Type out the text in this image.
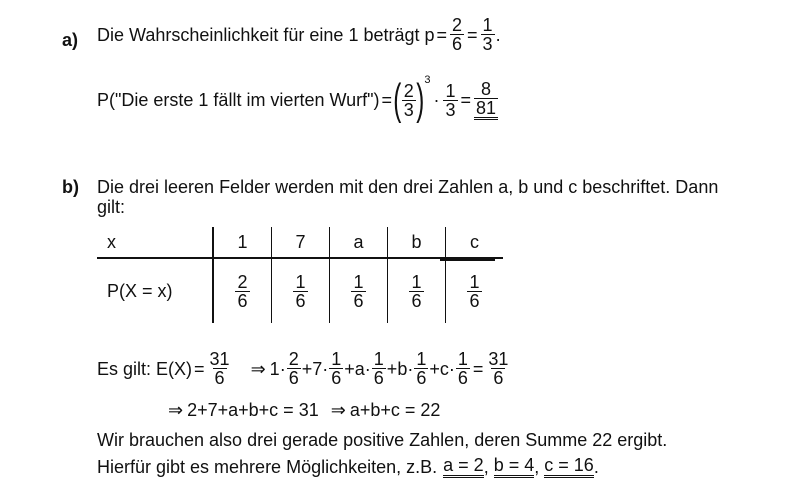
a) Die Wahrscheinlichkeit für eine 1 beträgt $p = \frac{2}{6} = \frac{1}{3}$ .
P("Die erste 1 fällt im vierten Wurf") = ( $\frac{2}{3}$ ) 3
· $\frac{1}{3} = \frac{8}{81}$
b) Die drei leeren Felder werden mit den drei Zahlen a, b und c beschriftet. Dann
gilt:
x	1	7	a	b	c
P(X = x)	$\frac{2}{6}$	$\frac{1}{6}$	$\frac{1}{6}$	$\frac{1}{6}$	$\frac{1}{6}$
Es gilt: $E(X) = \frac{31}{6}$ ⇒ $1 \cdot \frac{2}{6} + 7 \cdot \frac{1}{6} + a \cdot \frac{1}{6} + b \cdot \frac{1}{6} + c \cdot \frac{1}{6} = \frac{31}{6}$
⇒ 2+7+a+b+c = 31 ⇒ a+b+c = 22
Wir brauchen also drei gerade positive Zahlen, deren Summe 22 ergibt.
Hierfür gibt es mehrere Möglichkeiten, z.B. a = 2 , b = 4 , c = 16 .
